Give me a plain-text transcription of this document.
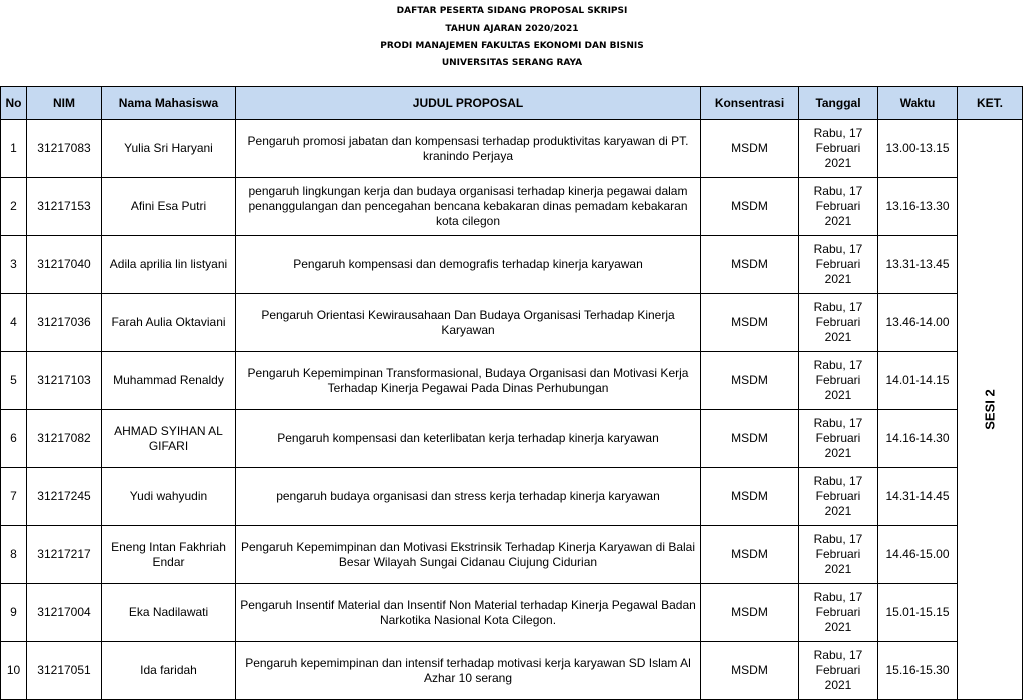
DAFTAR PESERTA SIDANG PROPOSAL SKRIPSI
TAHUN AJARAN 2020/2021
PRODI MANAJEMEN FAKULTAS EKONOMI DAN BISNIS
UNIVERSITAS SERANG RAYA
No	NIM	Nama Mahasiswa	JUDUL PROPOSAL	Konsentrasi	Tanggal	Waktu	KET.
1	31217083	Yulia Sri Haryani	Pengaruh promosi jabatan dan kompensasi terhadap produktivitas karyawan di PT. kranindo Perjaya	MSDM	Rabu, 17 Februari 2021	13.00-13.15	SESI 2
2	31217153	Afini Esa Putri	pengaruh lingkungan kerja dan budaya organisasi terhadap kinerja pegawai dalam penanggulangan dan pencegahan bencana kebakaran dinas pemadam kebakaran kota cilegon	MSDM	Rabu, 17 Februari 2021	13.16-13.30	
3	31217040	Adila aprilia lin listyani	Pengaruh kompensasi dan demografis terhadap kinerja karyawan	MSDM	Rabu, 17 Februari 2021	13.31-13.45	
4	31217036	Farah Aulia Oktaviani	Pengaruh Orientasi Kewirausahaan Dan Budaya Organisasi Terhadap Kinerja Karyawan	MSDM	Rabu, 17 Februari 2021	13.46-14.00	
5	31217103	Muhammad Renaldy	Pengaruh Kepemimpinan Transformasional, Budaya Organisasi dan Motivasi Kerja Terhadap Kinerja Pegawai Pada Dinas Perhubungan	MSDM	Rabu, 17 Februari 2021	14.01-14.15	
6	31217082	AHMAD SYIHAN AL GIFARI	Pengaruh kompensasi dan keterlibatan kerja terhadap kinerja karyawan	MSDM	Rabu, 17 Februari 2021	14.16-14.30	
7	31217245	Yudi wahyudin	pengaruh budaya organisasi dan stress kerja terhadap kinerja karyawan	MSDM	Rabu, 17 Februari 2021	14.31-14.45	
8	31217217	Eneng Intan Fakhriah Endar	Pengaruh Kepemimpinan dan Motivasi Ekstrinsik Terhadap Kinerja Karyawan di Balai Besar Wilayah Sungai Cidanau Ciujung Cidurian	MSDM	Rabu, 17 Februari 2021	14.46-15.00	
9	31217004	Eka Nadilawati	Pengaruh Insentif Material dan Insentif Non Material terhadap Kinerja Pegawal Badan Narkotika Nasional Kota Cilegon.	MSDM	Rabu, 17 Februari 2021	15.01-15.15	
10	31217051	Ida faridah	Pengaruh kepemimpinan dan intensif terhadap motivasi kerja karyawan SD Islam Al Azhar 10 serang	MSDM	Rabu, 17 Februari 2021	15.16-15.30	
